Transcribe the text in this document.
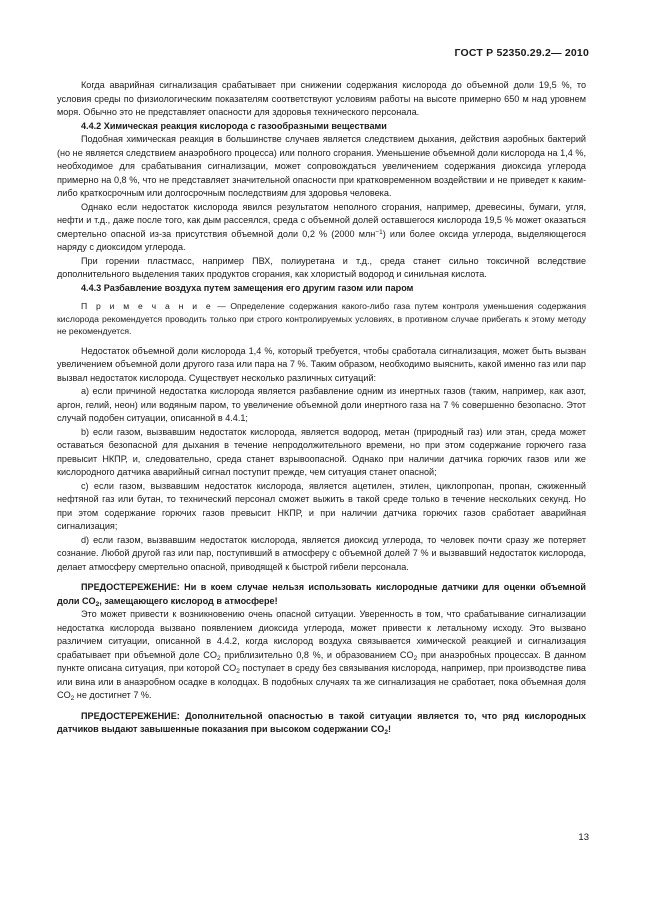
ГОСТ Р 52350.29.2— 2010

Когда аварийная сигнализация срабатывает при снижении содержания кислорода до объемной доли 19,5 %, то условия среды по физиологическим показателям соответствуют условиям работы на высоте примерно 650 м над уровнем моря. Обычно это не представляет опасности для здоровья технического персонала.

4.4.2 Химическая реакция кислорода с газообразными веществами

Подобная химическая реакция в большинстве случаев является следствием дыхания, действия аэробных бактерий (но не является следствием анаэробного процесса) или полного сгорания. Уменьшение объемной доли кислорода на 1,4 %, необходимое для срабатывания сигнализации, может сопровождаться увеличением содержания диоксида углерода примерно на 0,8 %, что не представляет значительной опасности при кратковременном воздействии и не приведет к каким-либо краткосрочным или долгосрочным последствиям для здоровья человека.

Однако если недостаток кислорода явился результатом неполного сгорания, например, древесины, бумаги, угля, нефти и т.д., даже после того, как дым рассеялся, среда с объемной долей оставшегося кислорода 19,5 % может оказаться смертельно опасной из-за присутствия объемной доли 0,2 % (2000 млн$^{-1}$) или более оксида углерода, выделяющегося наряду с диоксидом углерода.

При горении пластмасс, например ПВХ, полиуретана и т.д., среда станет сильно токсичной вследствие дополнительного выделения таких продуктов сгорания, как хлористый водород и синильная кислота.

4.4.3 Разбавление воздуха путем замещения его другим газом или паром

П р и м е ч а н и е — Определение содержания какого-либо газа путем контроля уменьшения содержания кислорода рекомендуется проводить только при строго контролируемых условиях, в противном случае прибегать к этому методу не рекомендуется.

Недостаток объемной доли кислорода 1,4 %, который требуется, чтобы сработала сигнализация, может быть вызван увеличением объемной доли другого газа или пара на 7 %. Таким образом, необходимо выяснить, какой именно газ или пар вызвал недостаток кислорода. Существует несколько различных ситуаций:

a) если причиной недостатка кислорода является разбавление одним из инертных газов (таким, например, как азот, аргон, гелий, неон) или водяным паром, то увеличение объемной доли инертного газа на 7 % совершенно безопасно. Этот случай подобен ситуации, описанной в 4.4.1;

b) если газом, вызвавшим недостаток кислорода, является водород, метан (природный газ) или этан, среда может оставаться безопасной для дыхания в течение непродолжительного времени, но при этом содержание горючего газа превысит НКПР, и, следовательно, среда станет взрывоопасной. Однако при наличии датчика горючих газов или же кислородного датчика аварийный сигнал поступит прежде, чем ситуация станет опасной;

c) если газом, вызвавшим недостаток кислорода, является ацетилен, этилен, циклопропан, пропан, сжиженный нефтяной газ или бутан, то технический персонал сможет выжить в такой среде только в течение нескольких секунд. Но при этом содержание горючих газов превысит НКПР, и при наличии датчика горючих газов сработает аварийная сигнализация;

d) если газом, вызвавшим недостаток кислорода, является диоксид углерода, то человек почти сразу же потеряет сознание. Любой другой газ или пар, поступивший в атмосферу с объемной долей 7 % и вызвавший недостаток кислорода, делает атмосферу смертельно опасной, приводящей к быстрой гибели персонала.

ПРЕДОСТЕРЕЖЕНИЕ: Ни в коем случае нельзя использовать кислородные датчики для оценки объемной доли $CO_2$, замещающего кислород в атмосфере!

Это может привести к возникновению очень опасной ситуации. Уверенность в том, что срабатывание сигнализации недостатка кислорода вызвано появлением диоксида углерода, может привести к летальному исходу. Это вызвано различием ситуации, описанной в 4.4.2, когда кислород воздуха связывается химической реакцией и сигнализация срабатывает при объемной доле $CO_2$ приблизительно 0,8 %, и образованием $CO_2$ при анаэробных процессах. В данном пункте описана ситуация, при которой $CO_2$ поступает в среду без связывания кислорода, например, при производстве пива или вина или в анаэробном осадке в колодцах. В подобных случаях та же сигнализация не сработает, пока объемная доля $CO_2$ не достигнет 7 %.

ПРЕДОСТЕРЕЖЕНИЕ: Дополнительной опасностью в такой ситуации является то, что ряд кислородных датчиков выдают завышенные показания при высоком содержании $CO_2$!

13
